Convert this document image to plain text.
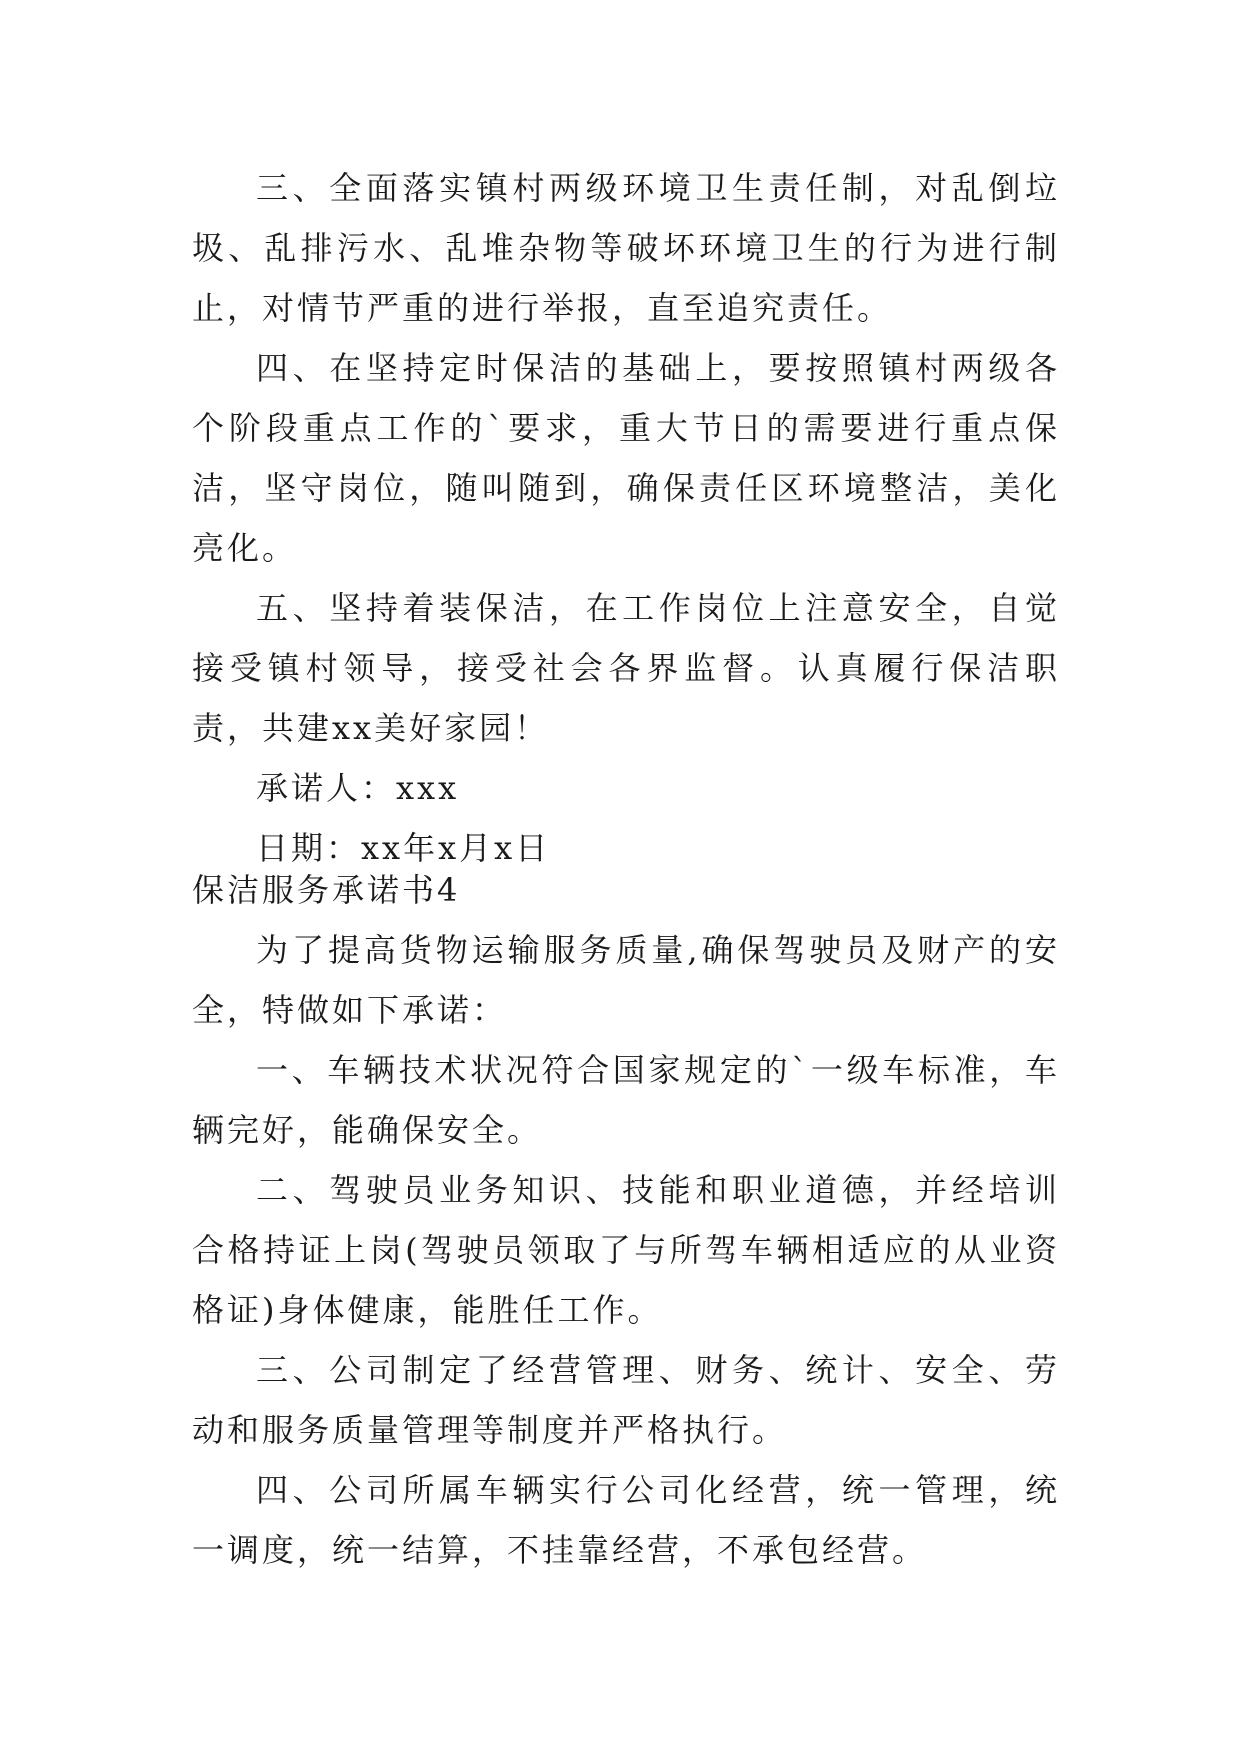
三、全面落实镇村两级环境卫生责任制，对乱倒垃圾、乱排污水、乱堆杂物等破坏环境卫生的行为进行制止，对情节严重的进行举报，直至追究责任。

四、在坚持定时保洁的基础上，要按照镇村两级各个阶段重点工作的`要求，重大节日的需要进行重点保洁，坚守岗位，随叫随到，确保责任区环境整洁，美化亮化。

五、坚持着装保洁，在工作岗位上注意安全，自觉接受镇村领导，接受社会各界监督。认真履行保洁职责，共建xx美好家园！

承诺人：xxx

日期：xx年x月x日

保洁服务承诺书4

为了提高货物运输服务质量,确保驾驶员及财产的安全，特做如下承诺：

一、车辆技术状况符合国家规定的`一级车标准，车辆完好，能确保安全。

二、驾驶员业务知识、技能和职业道德，并经培训合格持证上岗(驾驶员领取了与所驾车辆相适应的从业资格证)身体健康，能胜任工作。

三、公司制定了经营管理、财务、统计、安全、劳动和服务质量管理等制度并严格执行。

四、公司所属车辆实行公司化经营，统一管理，统一调度，统一结算，不挂靠经营，不承包经营。
